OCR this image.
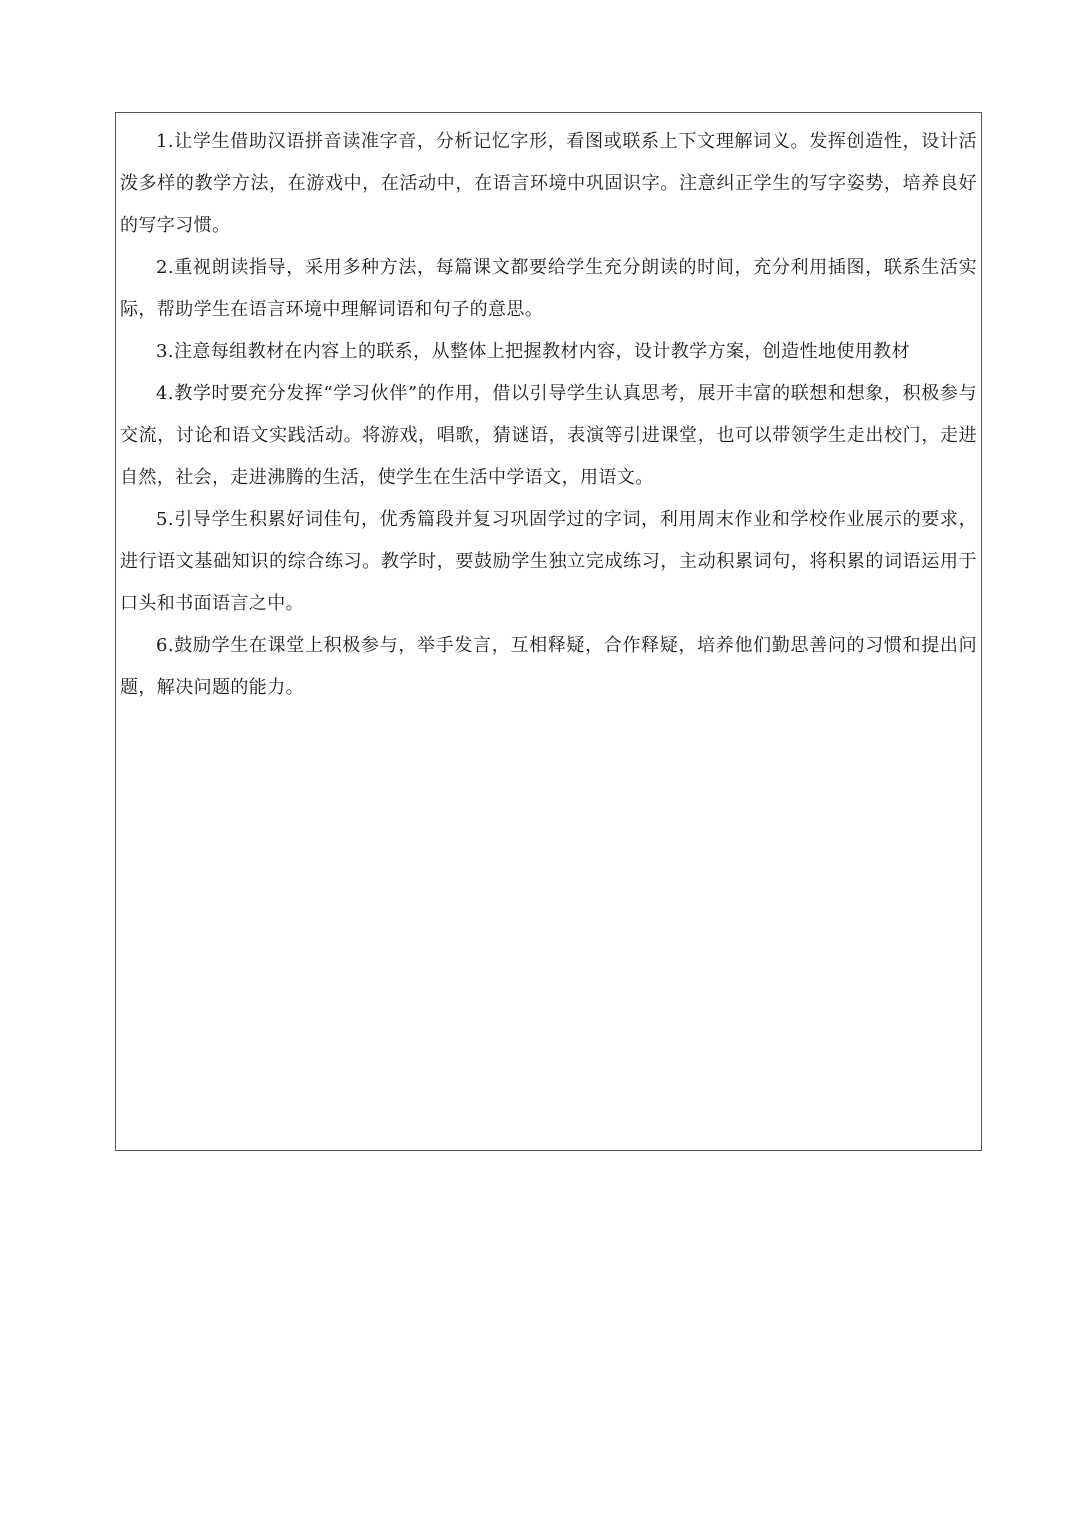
1.让学生借助汉语拼音读准字音，分析记忆字形，看图或联系上下文理解词义。发挥创造性，设计活泼多样的教学方法，在游戏中，在活动中，在语言环境中巩固识字。注意纠正学生的写字姿势，培养良好的写字习惯。

2.重视朗读指导，采用多种方法，每篇课文都要给学生充分朗读的时间，充分利用插图，联系生活实际，帮助学生在语言环境中理解词语和句子的意思。

3.注意每组教材在内容上的联系，从整体上把握教材内容，设计教学方案，创造性地使用教材

4.教学时要充分发挥“学习伙伴”的作用，借以引导学生认真思考，展开丰富的联想和想象，积极参与交流，讨论和语文实践活动。将游戏，唱歌，猜谜语，表演等引进课堂，也可以带领学生走出校门，走进自然，社会，走进沸腾的生活，使学生在生活中学语文，用语文。

5.引导学生积累好词佳句，优秀篇段并复习巩固学过的字词，利用周末作业和学校作业展示的要求，进行语文基础知识的综合练习。教学时，要鼓励学生独立完成练习，主动积累词句，将积累的词语运用于口头和书面语言之中。

6.鼓励学生在课堂上积极参与，举手发言，互相释疑，合作释疑，培养他们勤思善问的习惯和提出问题，解决问题的能力。
